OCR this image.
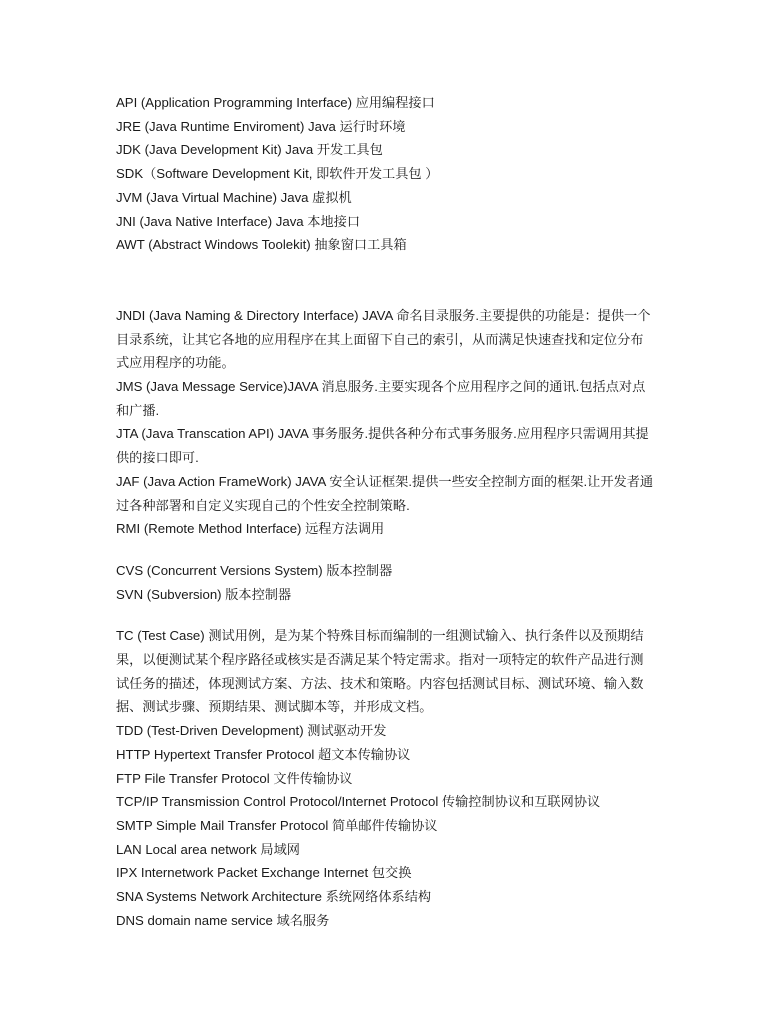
API (Application Programming Interface) 应用编程接口
JRE (Java Runtime Enviroment) Java 运行时环境
JDK (Java Development Kit) Java 开发工具包
SDK（Software Development Kit, 即软件开发工具包 ）
JVM (Java Virtual Machine) Java 虚拟机
JNI (Java Native Interface) Java 本地接口
AWT (Abstract Windows Toolekit) 抽象窗口工具箱
JNDI (Java Naming & Directory Interface) JAVA 命名目录服务.主要提供的功能是：提供一个目录系统，让其它各地的应用程序在其上面留下自己的索引，从而满足快速查找和定位分布式应用程序的功能。
JMS (Java Message Service)JAVA 消息服务.主要实现各个应用程序之间的通讯.包括点对点和广播.
JTA (Java Transcation API) JAVA 事务服务.提供各种分布式事务服务.应用程序只需调用其提供的接口即可.
JAF (Java Action FrameWork) JAVA 安全认证框架.提供一些安全控制方面的框架.让开发者通过各种部署和自定义实现自己的个性安全控制策略.
RMI (Remote Method Interface) 远程方法调用
CVS (Concurrent Versions System) 版本控制器
SVN (Subversion) 版本控制器
TC (Test Case) 测试用例，是为某个特殊目标而编制的一组测试输入、执行条件以及预期结果，以便测试某个程序路径或核实是否满足某个特定需求。指对一项特定的软件产品进行测试任务的描述，体现测试方案、方法、技术和策略。内容包括测试目标、测试环境、输入数据、测试步骤、预期结果、测试脚本等，并形成文档。
TDD (Test-Driven Development) 测试驱动开发
HTTP Hypertext Transfer Protocol 超文本传输协议
FTP File Transfer Protocol 文件传输协议
TCP/IP Transmission Control Protocol/Internet Protocol 传输控制协议和互联网协议
SMTP Simple Mail Transfer Protocol 简单邮件传输协议
LAN Local area network 局域网
IPX Internetwork Packet Exchange Internet 包交换
SNA Systems Network Architecture 系统网络体系结构
DNS domain name service 域名服务
